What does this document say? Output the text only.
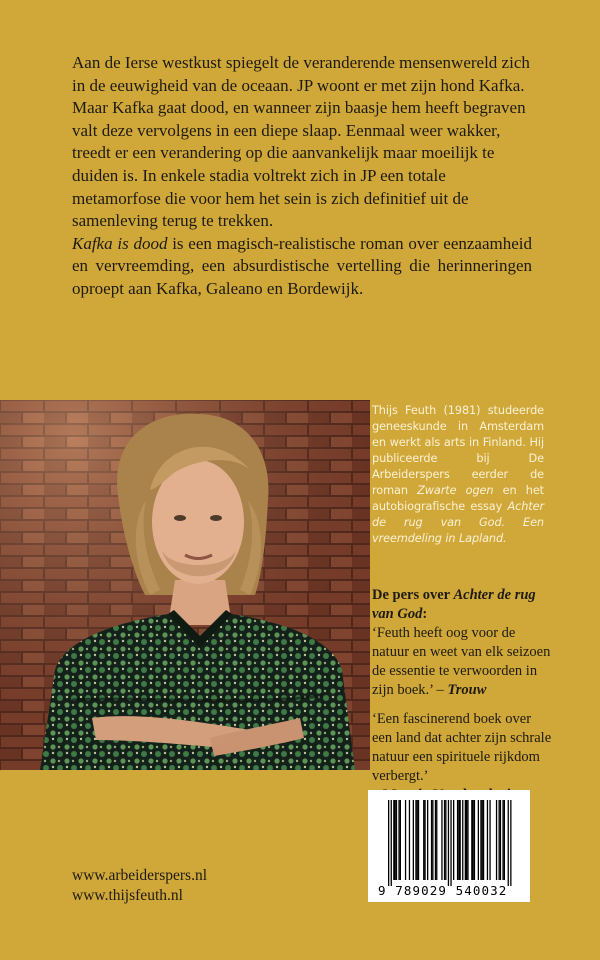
Aan de Ierse westkust spiegelt de veranderende mensenwereld zich in de eeuwigheid van de oceaan. JP woont er met zijn hond Kafka. Maar Kafka gaat dood, en wanneer zijn baasje hem heeft begraven valt deze vervolgens in een diepe slaap. Eenmaal weer wakker, treedt er een verandering op die aanvankelijk maar moeilijk te duiden is. In enkele stadia voltrekt zich in JP een totale metamorfose die voor hem het sein is zich definitief uit de samenleving terug te trekken.

Kafka is dood is een magisch-realistische roman over eenzaamheid en vervreemding, een absurdistische vertelling die herinneringen oproept aan Kafka, Galeano en Bordewijk.

Thijs Feuth (1981) studeerde geneeskunde in Amsterdam en werkt als arts in Finland. Hij publiceerde bij De Arbeiderspers eerder de roman Zwarte ogen en het autobiografische essay Achter de rug van God. Een vreemdeling in Lapland.

De pers over Achter de rug van God:
‘Feuth heeft oog voor de natuur en weet van elk seizoen de essentie te verwoorden in zijn boek.’ – Trouw
‘Een fascinerend boek over een land dat achter zijn schrale natuur een spirituele rijkdom verbergt.’

9 789029 540032
www.arbeiderspers.nl
www.thijsfeuth.nl
